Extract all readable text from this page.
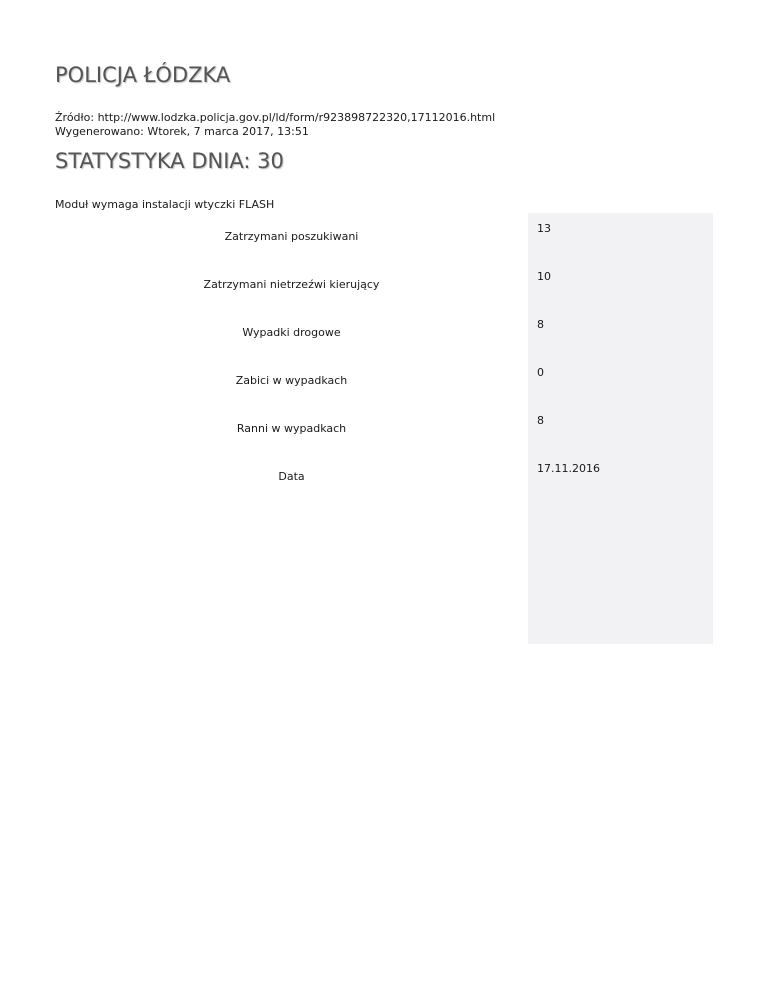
POLICJA ŁÓDZKA
Źródło: http://www.lodzka.policja.gov.pl/ld/form/r923898722320,17112016.html
Wygenerowano: Wtorek, 7 marca 2017, 13:51
STATYSTYKA DNIA: 30
Moduł wymaga instalacji wtyczki FLASH
Zatrzymani poszukiwani
13
Zatrzymani nietrzeźwi kierujący
10
Wypadki drogowe
8
Zabici w wypadkach
0
Ranni w wypadkach
8
Data
17.11.2016
